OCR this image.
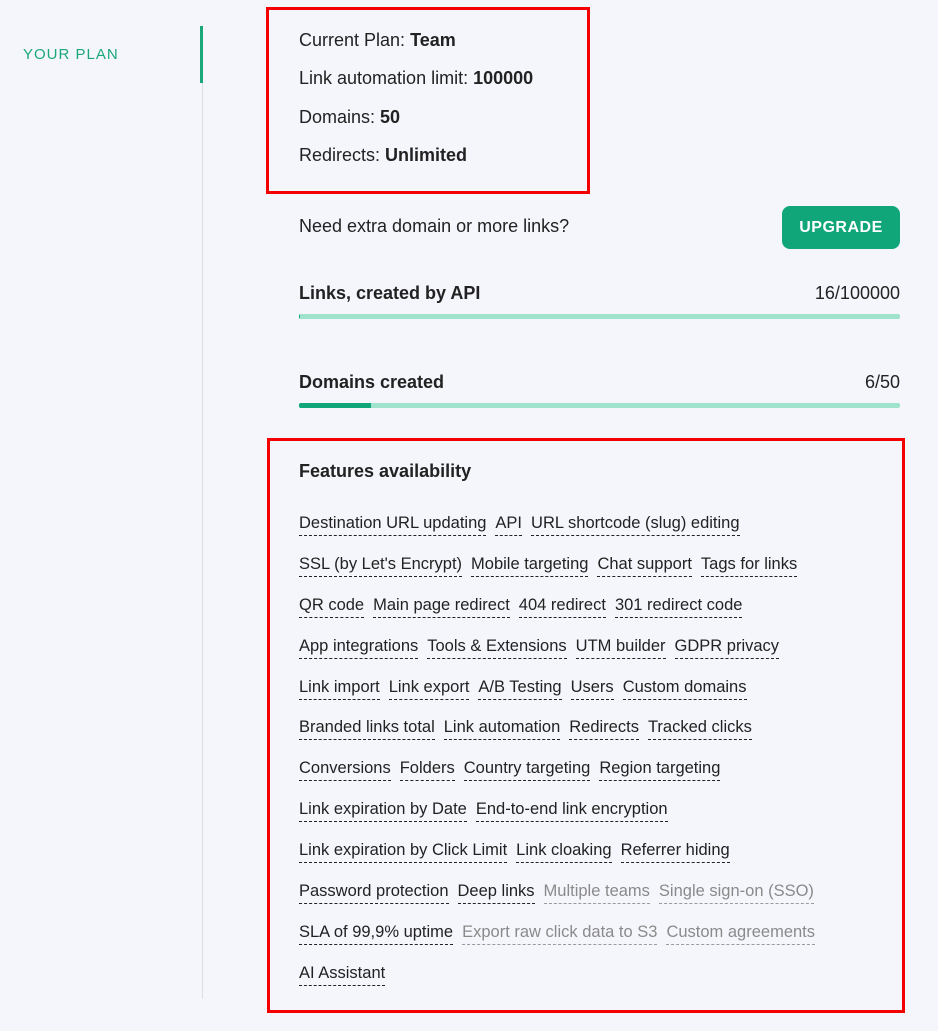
YOUR PLAN
Current Plan: Team
Link automation limit: 100000
Domains: 50
Redirects: Unlimited
Need extra domain or more links?	UPGRADE
Links, created by API	16/100000
Domains created	6/50
Features availability
Destination URL updating API URL shortcode (slug) editing
SSL (by Let's Encrypt) Mobile targeting Chat support Tags for links
QR code Main page redirect 404 redirect 301 redirect code
App integrations Tools & Extensions UTM builder GDPR privacy
Link import Link export A/B Testing Users Custom domains
Branded links total Link automation Redirects Tracked clicks
Conversions Folders Country targeting Region targeting
Link expiration by Date End-to-end link encryption
Link expiration by Click Limit Link cloaking Referrer hiding
Password protection Deep links Multiple teams Single sign-on (SSO)
SLA of 99,9% uptime Export raw click data to S3 Custom agreements
AI Assistant
